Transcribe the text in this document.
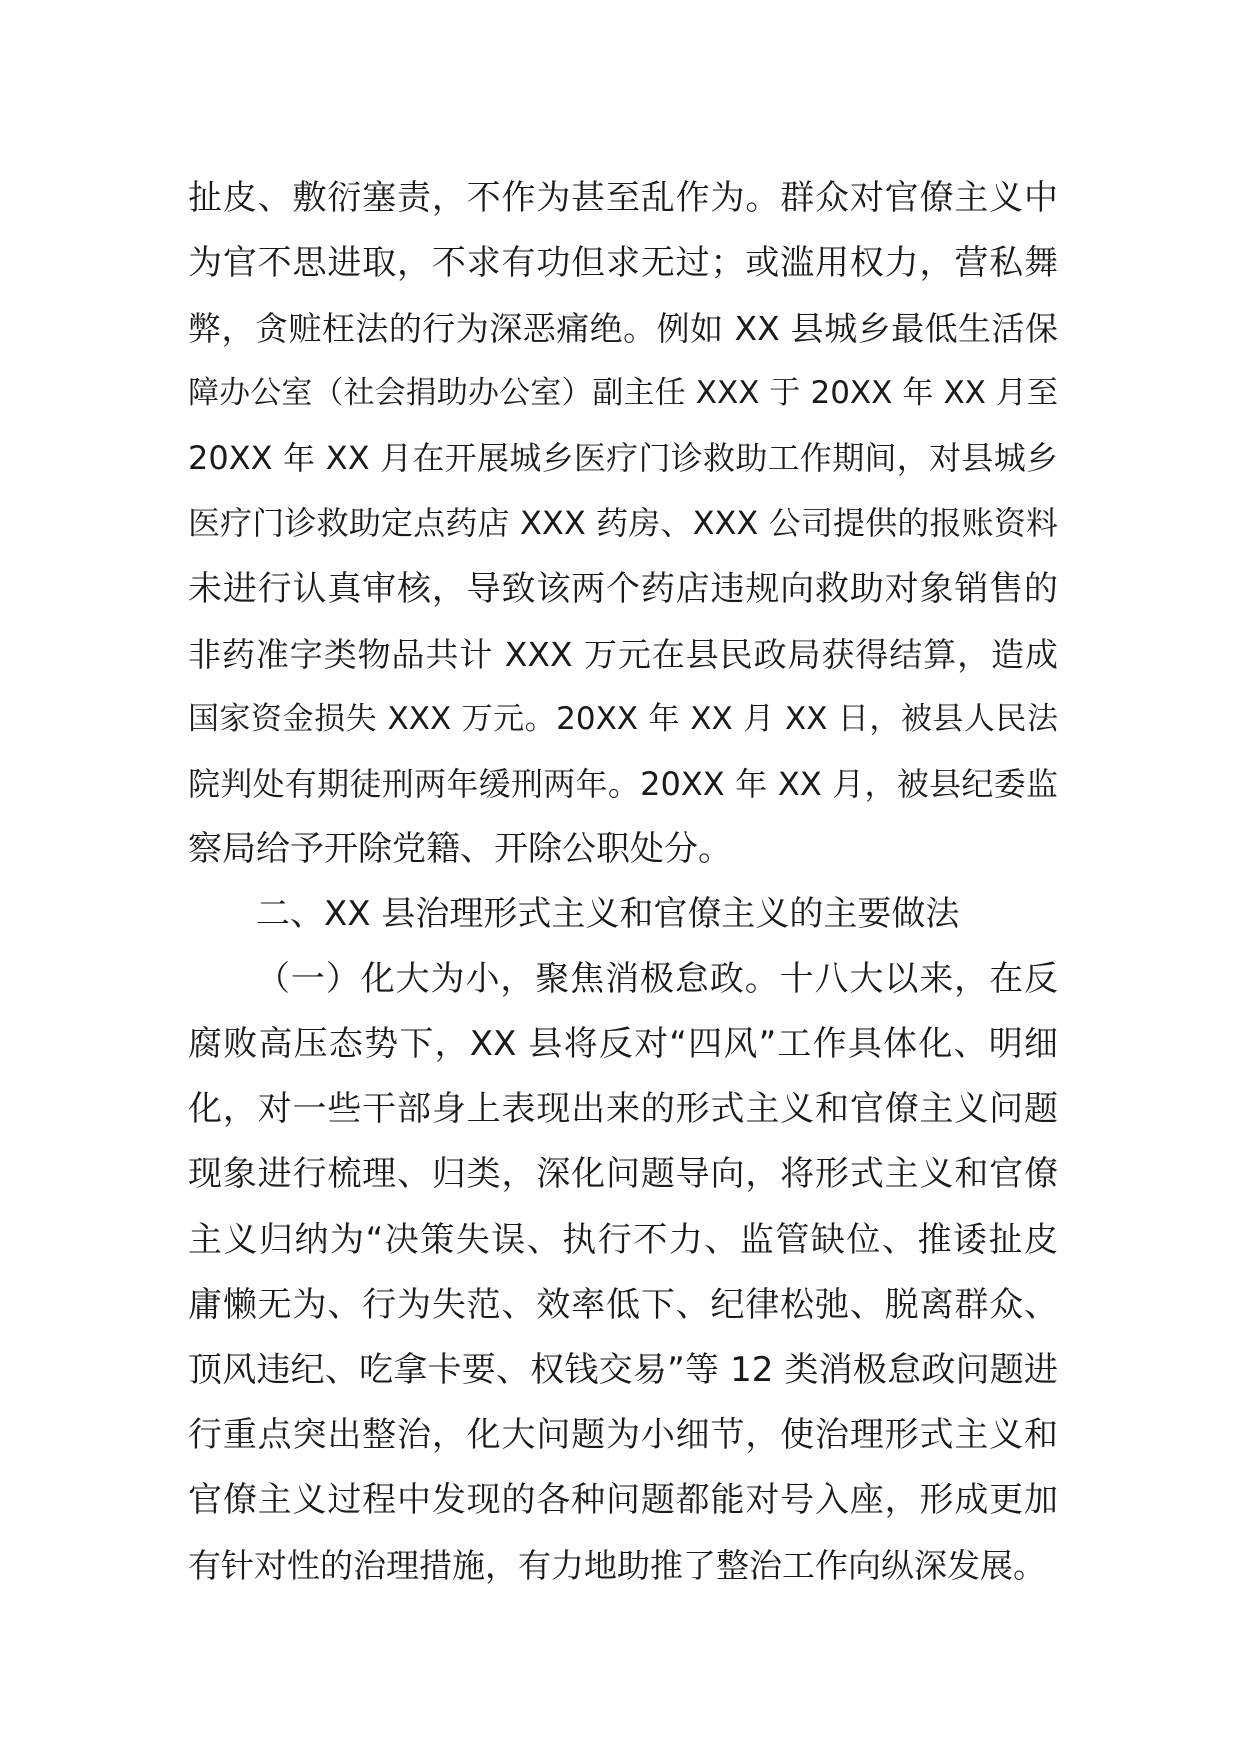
扯皮、敷衍塞责，不作为甚至乱作为。群众对官僚主义中
为官不思进取，不求有功但求无过；或滥用权力，营私舞
弊，贪赃枉法的行为深恶痛绝。例如 XX 县城乡最低生活保
障办公室（社会捐助办公室）副主任 XXX 于 20XX 年 XX 月至
20XX 年 XX 月在开展城乡医疗门诊救助工作期间，对县城乡
医疗门诊救助定点药店 XXX 药房、XXX 公司提供的报账资料
未进行认真审核，导致该两个药店违规向救助对象销售的
非药准字类物品共计 XXX 万元在县民政局获得结算，造成
国家资金损失 XXX 万元。20XX 年 XX 月 XX 日，被县人民法
院判处有期徒刑两年缓刑两年。20XX 年 XX 月，被县纪委监
察局给予开除党籍、开除公职处分。
二、XX 县治理形式主义和官僚主义的主要做法
（一）化大为小，聚焦消极怠政。十八大以来，在反
腐败高压态势下，XX 县将反对“四风”工作具体化、明细
化，对一些干部身上表现出来的形式主义和官僚主义问题
现象进行梳理、归类，深化问题导向，将形式主义和官僚
主义归纳为“决策失误、执行不力、监管缺位、推诿扯皮
庸懒无为、行为失范、效率低下、纪律松弛、脱离群众、
顶风违纪、吃拿卡要、权钱交易”等 12 类消极怠政问题进
行重点突出整治，化大问题为小细节，使治理形式主义和
官僚主义过程中发现的各种问题都能对号入座，形成更加
有针对性的治理措施，有力地助推了整治工作向纵深发展。
